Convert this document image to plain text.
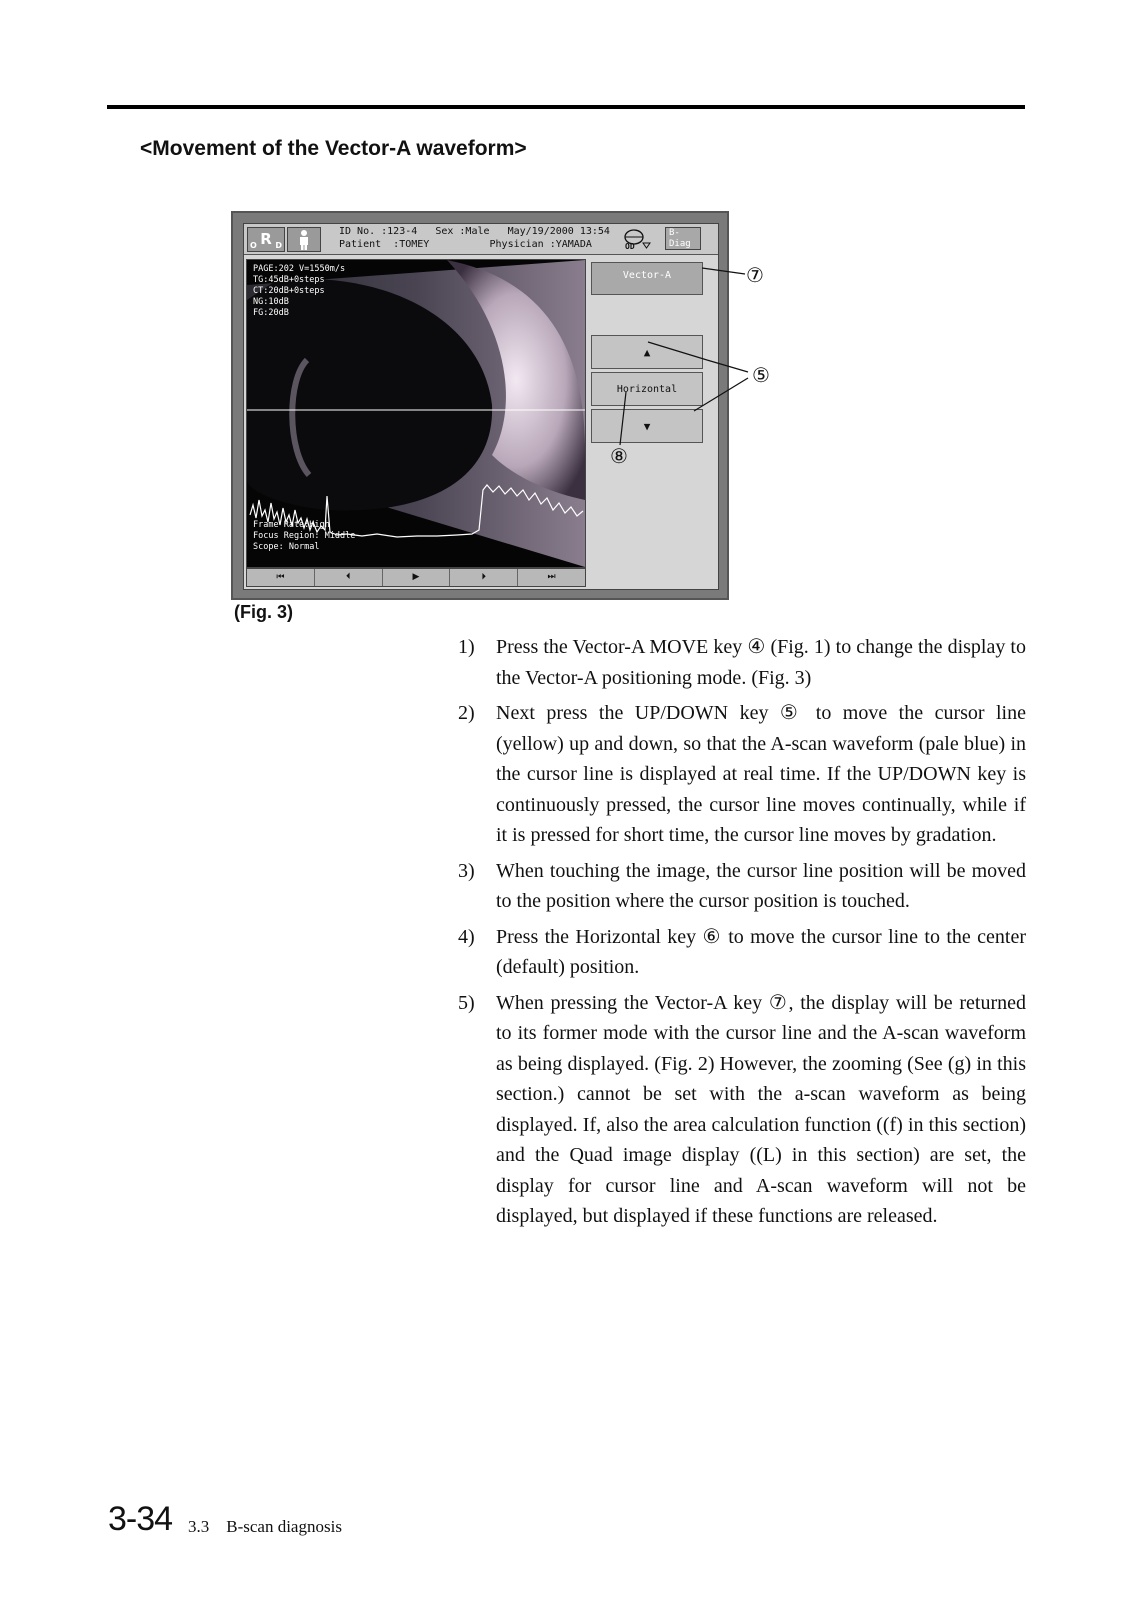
<Movement of the Vector-A waveform>
R
O D
ID No. :123-4   Sex :Male   May/19/2000 13:54
Patient  :TOMEY          Physician :YAMADA	OD
B-Diag
PAGE:202 V=1550m/s
TG:45dB+0steps
CT:20dB+0steps
NG:10dB
FG:20dB
Frame Rate:High
Focus Region: Middle
Scope: Normal
⏮	⏴	▶	⏵	⏭
Vector-A
▲
Horizontal
▼
⑦
⑤
⑧
(Fig. 3)
1) Press the Vector-A MOVE key ④ (Fig. 1) to change the display to the Vector-A positioning mode. (Fig. 3)
2) Next press the UP/DOWN key ⑤ to move the cursor line (yellow) up and down, so that the A-scan waveform (pale blue) in the cursor line is displayed at real time. If the UP/DOWN key is continuously pressed, the cursor line moves continually, while if it is pressed for short time, the cursor line moves by gradation.
3) When touching the image, the cursor line position will be moved to the position where the cursor position is touched.
4) Press the Horizontal key ⑥ to move the cursor line to the center (default) position.
5) When pressing the Vector-A key ⑦, the display will be returned to its former mode with the cursor line and the A-scan waveform as being displayed. (Fig. 2) However, the zooming (See (g) in this section.) cannot be set with the a-scan waveform as being displayed. If, also the area calculation function ((f) in this section) and the Quad image display ((L) in this section) are set, the display for cursor line and A-scan waveform will not be displayed, but displayed if these functions are released.
3-34 3.3    B-scan diagnosis
